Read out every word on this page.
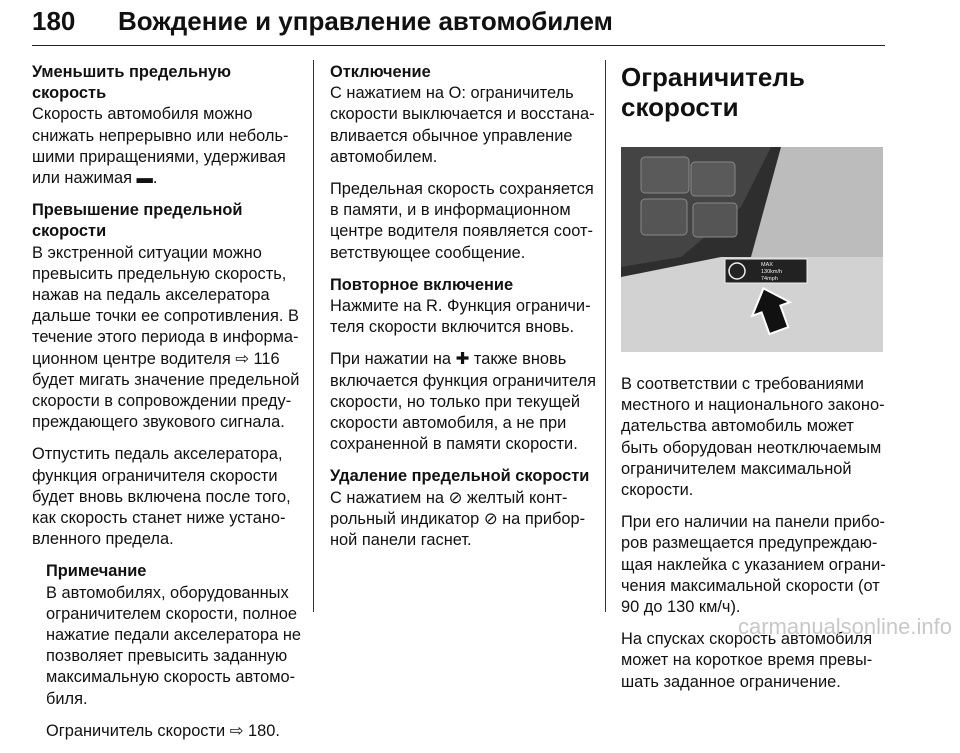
180 Вождение и управление автомобилем
Уменьшить предельную скорость
Скорость автомобиля можно снижать непрерывно или неболь-шими приращениями, удерживая или нажимая ▬.
Превышение предельной скорости
В экстренной ситуации можно превысить предельную скорость, нажав на педаль акселератора дальше точки ее сопротивления. В течение этого периода в информа-ционном центре водителя ⇨ 116 будет мигать значение предельной скорости в сопровождении преду-преждающего звукового сигнала.

Отпустить педаль акселератора, функция ограничителя скорости будет вновь включена после того, как скорость станет ниже устано-вленного предела.

Примечание

В автомобилях, оборудованных ограничителем скорости, полное нажатие педали акселератора не позволяет превысить заданную максимальную скорость автомо-биля.

Ограничитель скорости ⇨ 180.

Отключение
С нажатием на O: ограничитель скорости выключается и восстана-вливается обычное управление автомобилем.

Предельная скорость сохраняется в памяти, и в информационном центре водителя появляется соот-ветствующее сообщение.

Повторное включение
Нажмите на R. Функция ограничи-теля скорости включится вновь.

При нажатии на ✚ также вновь включается функция ограничителя скорости, но только при текущей скорости автомобиля, а не при сохраненной в памяти скорости.

Удаление предельной скорости
С нажатием на ⊘ желтый конт-рольный индикатор ⊘ на прибор-ной панели гаснет.
Ограничитель скорости
MAX
130km/h
74mph

В соответствии с требованиями местного и национального законо-дательства автомобиль может быть оборудован неотключаемым ограничителем максимальной скорости.

При его наличии на панели прибо-ров размещается предупреждаю-щая наклейка с указанием ограни-чения максимальной скорости (от 90 до 130 км/ч).

На спусках скорость автомобиля может на короткое время превы-шать заданное ограничение.

carmanualsonline.info
